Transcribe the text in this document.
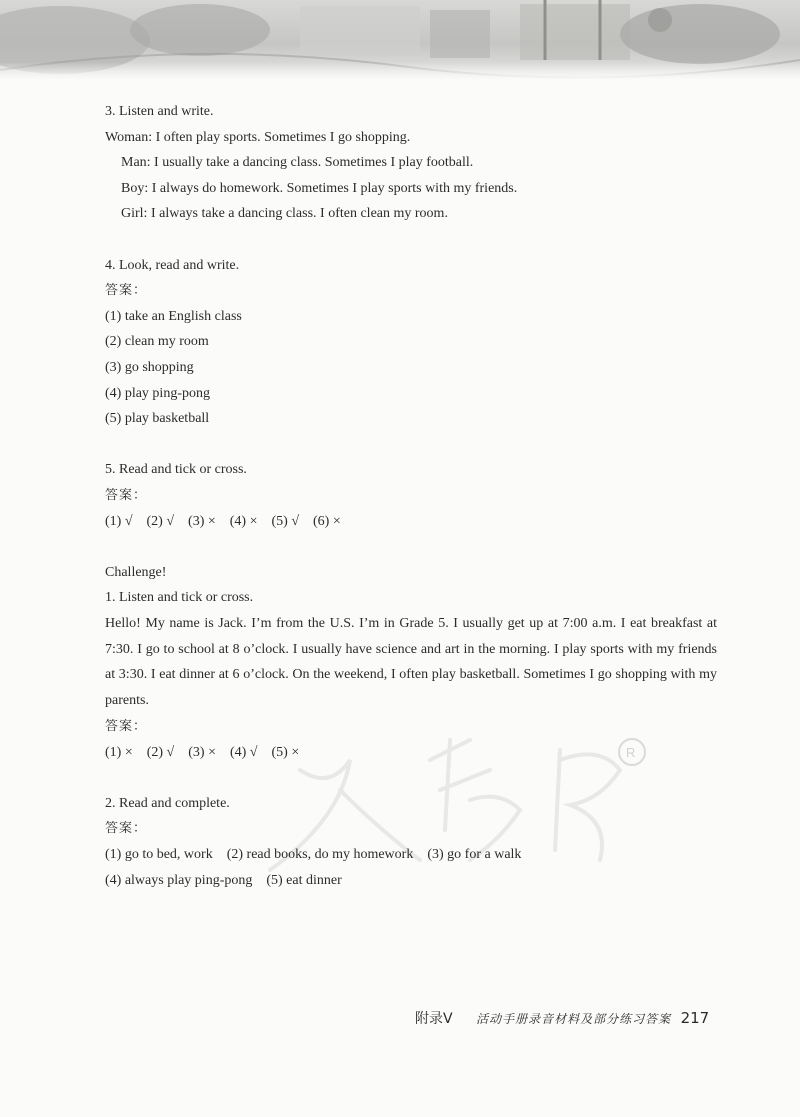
R
3. Listen and write.
Woman: I often play sports. Sometimes I go shopping.
Man: I usually take a dancing class. Sometimes I play football.
Boy: I always do homework. Sometimes I play sports with my friends.
Girl: I always take a dancing class. I often clean my room.
4. Look, read and write.
答案：
(1) take an English class
(2) clean my room
(3) go shopping
(4) play ping-pong
(5) play basketball
5. Read and tick or cross.
答案：
(1) √ (2) √ (3) × (4) × (5) √ (6) ×
Challenge!
1. Listen and tick or cross.
Hello! My name is Jack. I’m from the U.S. I’m in Grade 5. I usually get up at 7:00 a.m. I eat breakfast at 7:30. I go to school at 8 o’clock. I usually have science and art in the morning. I play sports with my friends at 3:30. I eat dinner at 6 o’clock. On the weekend, I often play basketball. Sometimes I go shopping with my parents.
答案：
(1) × (2) √ (3) × (4) √ (5) ×
2. Read and complete.
答案：
(1) go to bed, work (2) read books, do my homework (3) go for a walk
(4) always play ping-pong (5) eat dinner
附录Ⅴ 活动手册录音材料及部分练习答案 217
